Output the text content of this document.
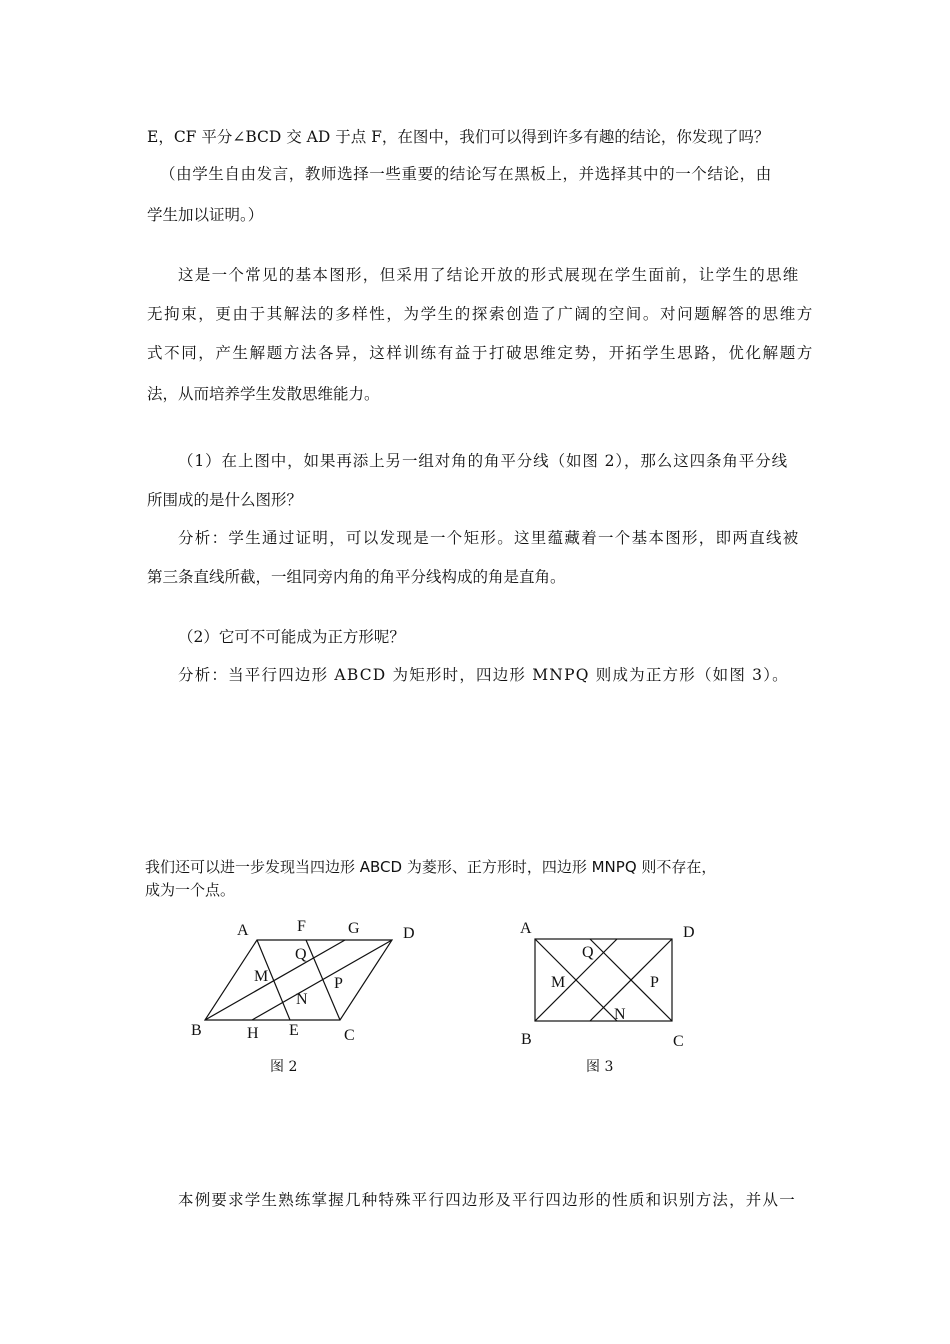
E，CF 平分∠BCD 交 AD 于点 F，在图中，我们可以得到许多有趣的结论，你发现了吗？
（由学生自由发言，教师选择一些重要的结论写在黑板上，并选择其中的一个结论，由
学生加以证明。）
这是一个常见的基本图形，但采用了结论开放的形式展现在学生面前，让学生的思维
无拘束，更由于其解法的多样性，为学生的探索创造了广阔的空间。对问题解答的思维方
式不同，产生解题方法各异，这样训练有益于打破思维定势，开拓学生思路，优化解题方
法，从而培养学生发散思维能力。
（1）在上图中，如果再添上另一组对角的角平分线（如图 2），那么这四条角平分线
所围成的是什么图形？
分析：学生通过证明，可以发现是一个矩形。这里蕴藏着一个基本图形，即两直线被
第三条直线所截，一组同旁内角的角平分线构成的角是直角。
（2）它可不可能成为正方形呢？
分析：当平行四边形 ABCD 为矩形时，四边形 MNPQ 则成为正方形（如图 3）。
我们还可以进一步发现当四边形 ABCD 为菱形、正方形时，四边形 MNPQ 则不存在，
成为一个点。
A	F	G	D
M
Q
P
N
B	H E	C
图 2
A	D
Q
M	P
N
B	C
图 3
本例要求学生熟练掌握几种特殊平行四边形及平行四边形的性质和识别方法，并从一
